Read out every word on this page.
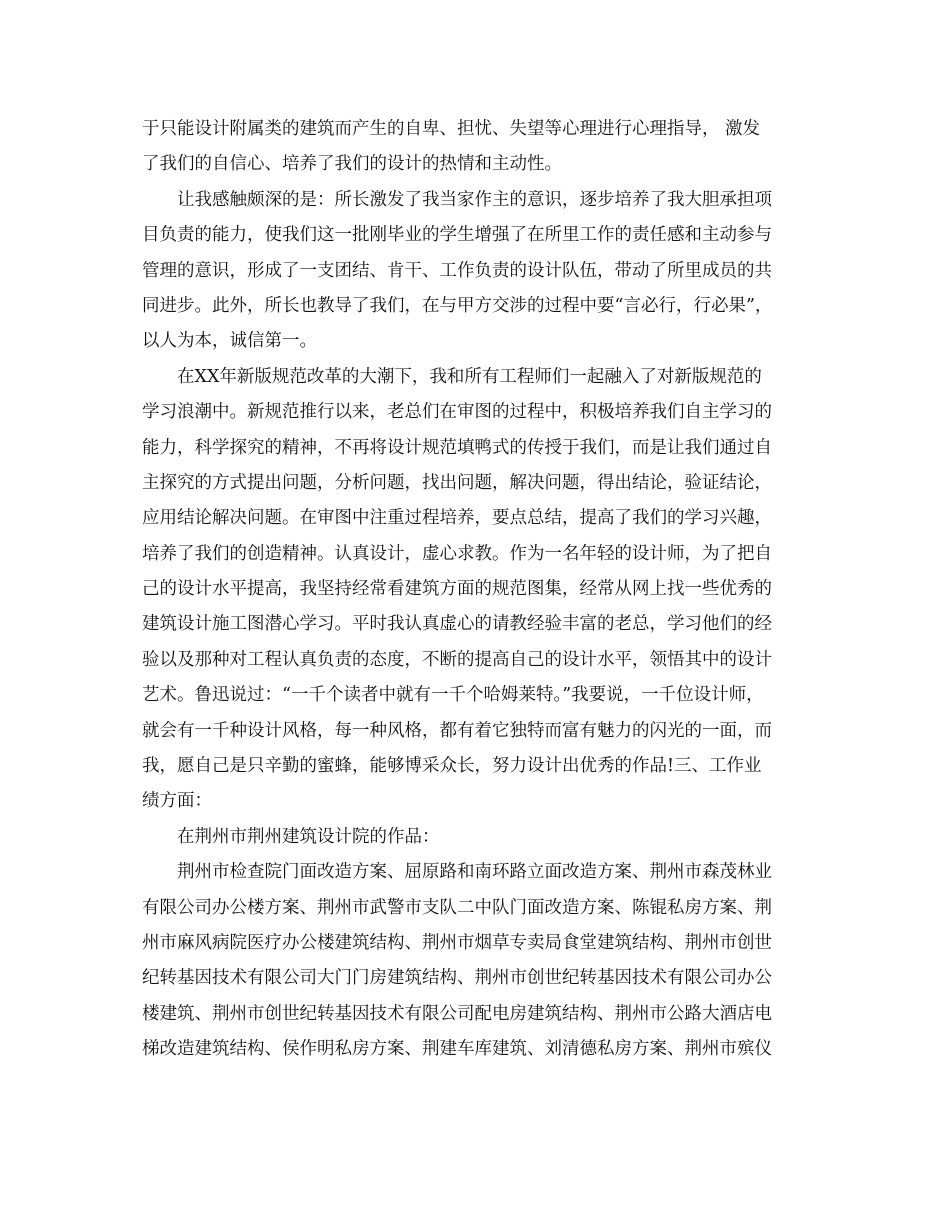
于只能设计附属类的建筑而产生的自卑、担忧、失望等心理进行心理指导， 激发
了我们的自信心、培养了我们的设计的热情和主动性。
让我感触颇深的是：所长激发了我当家作主的意识，逐步培养了我大胆承担项
目负责的能力，使我们这一批刚毕业的学生增强了在所里工作的责任感和主动参与
管理的意识，形成了一支团结、肯干、工作负责的设计队伍，带动了所里成员的共
同进步。此外，所长也教导了我们，在与甲方交涉的过程中要“言必行，行必果”，
以人为本，诚信第一。
在XX年新版规范改革的大潮下，我和所有工程师们一起融入了对新版规范的
学习浪潮中。新规范推行以来，老总们在审图的过程中，积极培养我们自主学习的
能力，科学探究的精神，不再将设计规范填鸭式的传授于我们，而是让我们通过自
主探究的方式提出问题，分析问题，找出问题，解决问题，得出结论，验证结论，
应用结论解决问题。在审图中注重过程培养，要点总结，提高了我们的学习兴趣，
培养了我们的创造精神。认真设计，虚心求教。作为一名年轻的设计师，为了把自
己的设计水平提高，我坚持经常看建筑方面的规范图集，经常从网上找一些优秀的
建筑设计施工图潜心学习。平时我认真虚心的请教经验丰富的老总，学习他们的经
验以及那种对工程认真负责的态度，不断的提高自己的设计水平，领悟其中的设计
艺术。鲁迅说过：“一千个读者中就有一千个哈姆莱特。”我要说，一千位设计师，
就会有一千种设计风格，每一种风格，都有着它独特而富有魅力的闪光的一面，而
我，愿自己是只辛勤的蜜蜂，能够博采众长，努力设计出优秀的作品!三、工作业
绩方面：
在荆州市荆州建筑设计院的作品：
荆州市检查院门面改造方案、屈原路和南环路立面改造方案、荆州市森茂林业
有限公司办公楼方案、荆州市武警市支队二中队门面改造方案、陈锟私房方案、荆
州市麻风病院医疗办公楼建筑结构、荆州市烟草专卖局食堂建筑结构、荆州市创世
纪转基因技术有限公司大门门房建筑结构、荆州市创世纪转基因技术有限公司办公
楼建筑、荆州市创世纪转基因技术有限公司配电房建筑结构、荆州市公路大酒店电
梯改造建筑结构、侯作明私房方案、荆建车库建筑、刘清德私房方案、荆州市殡仪
